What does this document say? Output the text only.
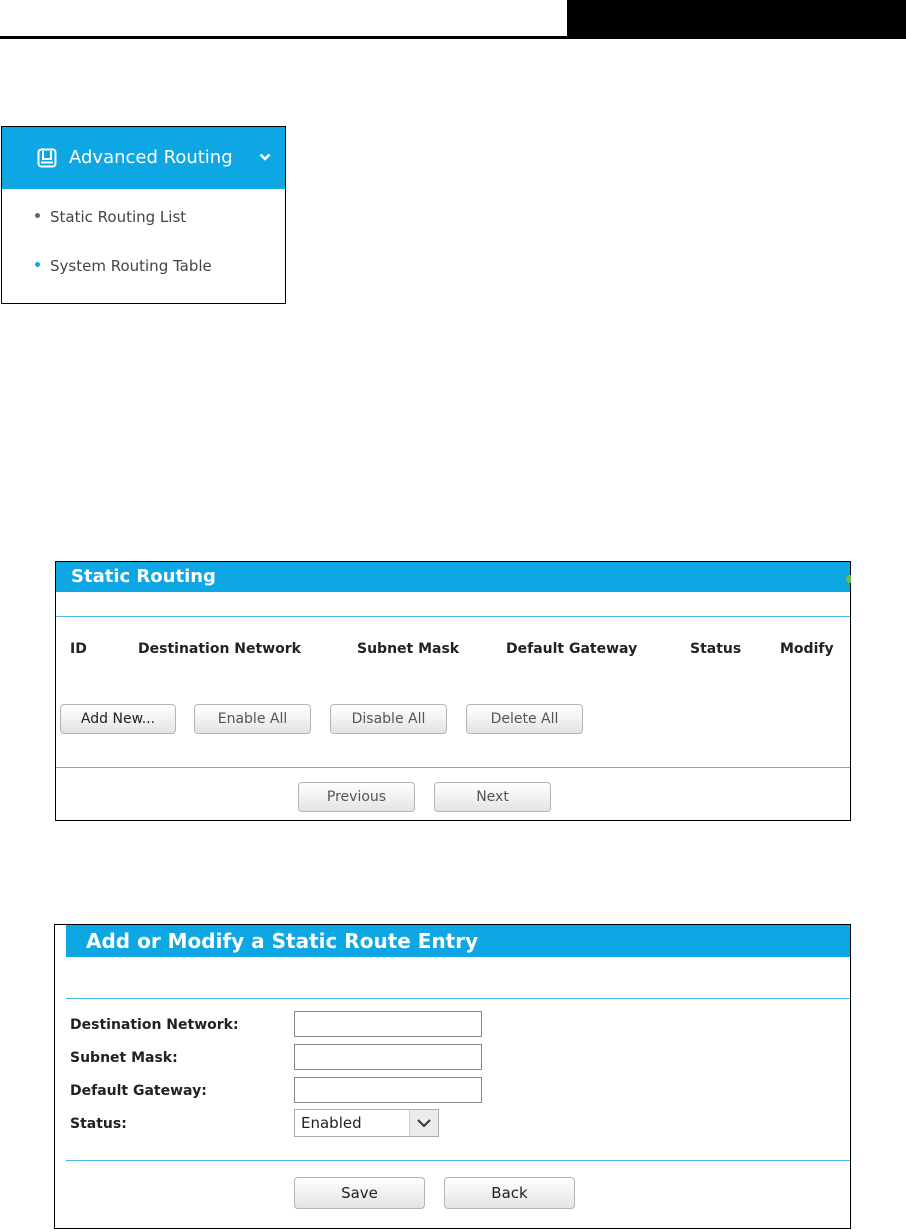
Advanced Routing
Static Routing List
System Routing Table
Static Routing
ID	Destination Network	Subnet Mask	Default Gateway	Status	Modify
Add New...	Enable All	Disable All	Delete All
Previous	Next
Add or Modify a Static Route Entry
Destination Network:
Subnet Mask:
Default Gateway:
Status:	Enabled
Save	Back
